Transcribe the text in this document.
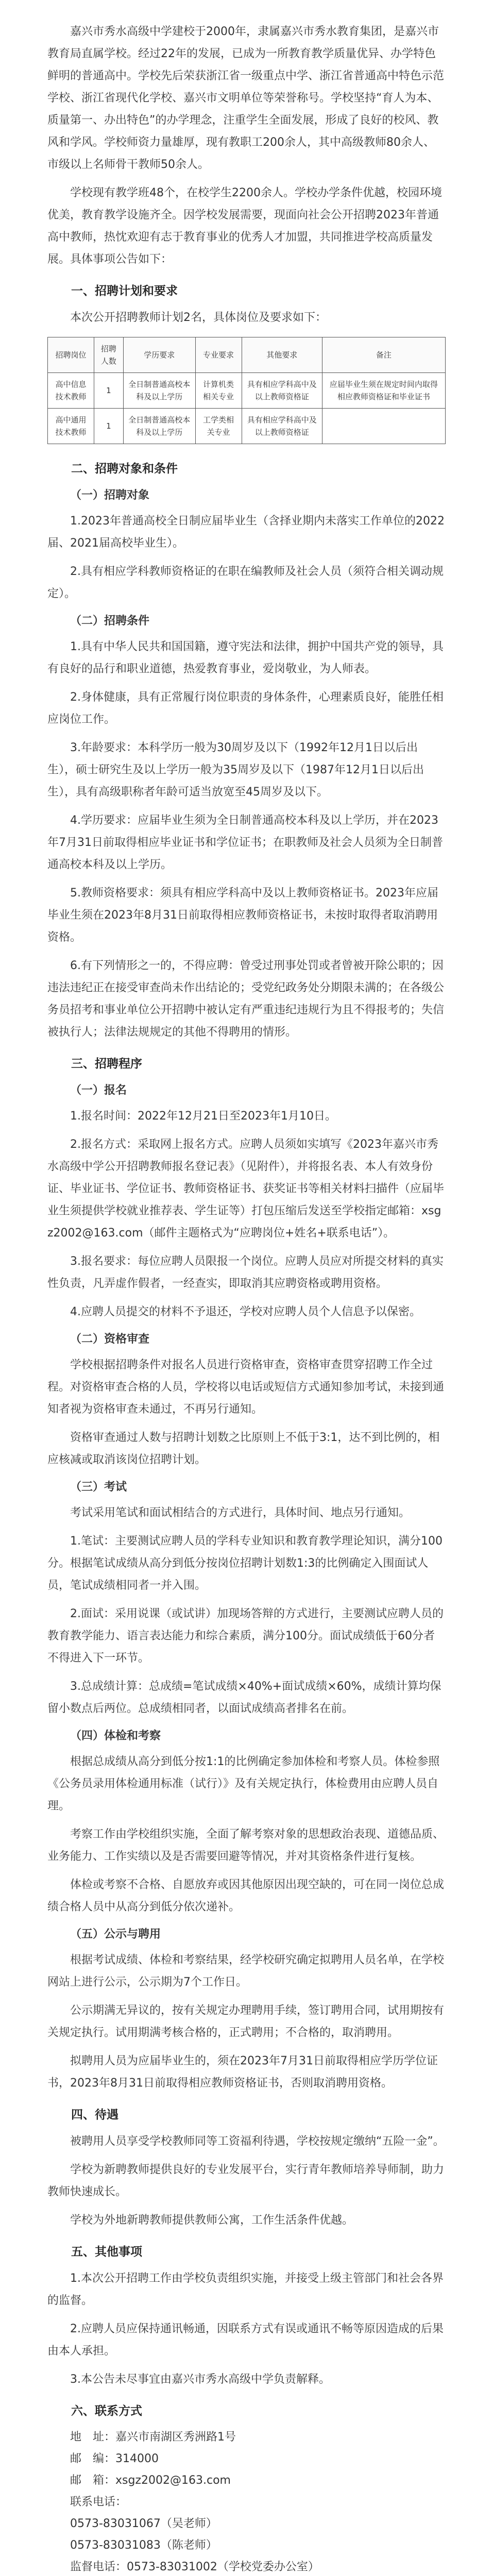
嘉兴市秀水高级中学建校于2000年，隶属嘉兴市秀水教育集团，是嘉兴市教育局直属学校。经过22年的发展，已成为一所教育教学质量优异、办学特色鲜明的普通高中。学校先后荣获浙江省一级重点中学、浙江省普通高中特色示范学校、浙江省现代化学校、嘉兴市文明单位等荣誉称号。学校坚持“育人为本、质量第一、办出特色”的办学理念，注重学生全面发展，形成了良好的校风、教风和学风。学校师资力量雄厚，现有教职工200余人，其中高级教师80余人、市级以上名师骨干教师50余人。

学校现有教学班48个，在校学生2200余人。学校办学条件优越，校园环境优美，教育教学设施齐全。因学校发展需要，现面向社会公开招聘2023年普通高中教师，热忱欢迎有志于教育事业的优秀人才加盟，共同推进学校高质量发展。具体事项公告如下：

一、招聘计划和要求

本次公开招聘教师计划2名，具体岗位及要求如下：

招聘岗位	招聘人数	学历要求	专业要求	其他要求	备注
高中信息技术教师	1	全日制普通高校本科及以上学历	计算机类相关专业	具有相应学科高中及以上教师资格证	应届毕业生须在规定时间内取得相应教师资格证和毕业证书
高中通用技术教师	1	全日制普通高校本科及以上学历	工学类相关专业	具有相应学科高中及以上教师资格证	
二、招聘对象和条件
（一）招聘对象

1.2023年普通高校全日制应届毕业生（含择业期内未落实工作单位的2022届、2021届高校毕业生）。

2.具有相应学科教师资格证的在职在编教师及社会人员（须符合相关调动规定）。

（二）招聘条件

1.具有中华人民共和国国籍，遵守宪法和法律，拥护中国共产党的领导，具有良好的品行和职业道德，热爱教育事业，爱岗敬业，为人师表。

2.身体健康，具有正常履行岗位职责的身体条件，心理素质良好，能胜任相应岗位工作。

3.年龄要求：本科学历一般为30周岁及以下（1992年12月1日以后出生），硕士研究生及以上学历一般为35周岁及以下（1987年12月1日以后出生），具有高级职称者年龄可适当放宽至45周岁及以下。

4.学历要求：应届毕业生须为全日制普通高校本科及以上学历，并在2023年7月31日前取得相应毕业证书和学位证书；在职教师及社会人员须为全日制普通高校本科及以上学历。

5.教师资格要求：须具有相应学科高中及以上教师资格证书。2023年应届毕业生须在2023年8月31日前取得相应教师资格证书，未按时取得者取消聘用资格。

6.有下列情形之一的，不得应聘：曾受过刑事处罚或者曾被开除公职的；因违法违纪正在接受审查尚未作出结论的；受党纪政务处分期限未满的；在各级公务员招考和事业单位公开招聘中被认定有严重违纪违规行为且不得报考的；失信被执行人；法律法规规定的其他不得聘用的情形。

三、招聘程序
（一）报名

1.报名时间：2022年12月21日至2023年1月10日。

2.报名方式：采取网上报名方式。应聘人员须如实填写《2023年嘉兴市秀水高级中学公开招聘教师报名登记表》（见附件），并将报名表、本人有效身份证、毕业证书、学位证书、教师资格证书、获奖证书等相关材料扫描件（应届毕业生须提供学校就业推荐表、学生证等）打包压缩后发送至学校指定邮箱：xsgz2002@163.com（邮件主题格式为“应聘岗位+姓名+联系电话”）。

3.报名要求：每位应聘人员限报一个岗位。应聘人员应对所提交材料的真实性负责，凡弄虚作假者，一经查实，即取消其应聘资格或聘用资格。

4.应聘人员提交的材料不予退还，学校对应聘人员个人信息予以保密。

（二）资格审查

学校根据招聘条件对报名人员进行资格审查，资格审查贯穿招聘工作全过程。对资格审查合格的人员，学校将以电话或短信方式通知参加考试，未接到通知者视为资格审查未通过，不再另行通知。

资格审查通过人数与招聘计划数之比原则上不低于3:1，达不到比例的，相应核减或取消该岗位招聘计划。

（三）考试

考试采用笔试和面试相结合的方式进行，具体时间、地点另行通知。

1.笔试：主要测试应聘人员的学科专业知识和教育教学理论知识，满分100分。根据笔试成绩从高分到低分按岗位招聘计划数1:3的比例确定入围面试人员，笔试成绩相同者一并入围。

2.面试：采用说课（或试讲）加现场答辩的方式进行，主要测试应聘人员的教育教学能力、语言表达能力和综合素质，满分100分。面试成绩低于60分者不得进入下一环节。

3.总成绩计算：总成绩=笔试成绩×40%+面试成绩×60%，成绩计算均保留小数点后两位。总成绩相同者，以面试成绩高者排名在前。

（四）体检和考察

根据总成绩从高分到低分按1:1的比例确定参加体检和考察人员。体检参照《公务员录用体检通用标准（试行）》及有关规定执行，体检费用由应聘人员自理。

考察工作由学校组织实施，全面了解考察对象的思想政治表现、道德品质、业务能力、工作实绩以及是否需要回避等情况，并对其资格条件进行复核。

体检或考察不合格、自愿放弃或因其他原因出现空缺的，可在同一岗位总成绩合格人员中从高分到低分依次递补。

（五）公示与聘用

根据考试成绩、体检和考察结果，经学校研究确定拟聘用人员名单，在学校网站上进行公示，公示期为7个工作日。

公示期满无异议的，按有关规定办理聘用手续，签订聘用合同，试用期按有关规定执行。试用期满考核合格的，正式聘用；不合格的，取消聘用。

拟聘用人员为应届毕业生的，须在2023年7月31日前取得相应学历学位证书，2023年8月31日前取得相应教师资格证书，否则取消聘用资格。

四、待遇

被聘用人员享受学校教师同等工资福利待遇，学校按规定缴纳“五险一金”。

学校为新聘教师提供良好的专业发展平台，实行青年教师培养导师制，助力教师快速成长。

学校为外地新聘教师提供教师公寓，工作生活条件优越。

五、其他事项

1.本次公开招聘工作由学校负责组织实施，并接受上级主管部门和社会各界的监督。

2.应聘人员应保持通讯畅通，因联系方式有误或通讯不畅等原因造成的后果由本人承担。

3.本公告未尽事宜由嘉兴市秀水高级中学负责解释。

六、联系方式
地　址：嘉兴市南湖区秀洲路1号
邮　编：314000
邮　箱：xsgz2002@163.com
联系电话：
0573-83031067（吴老师）
0573-83031083（陈老师）
监督电话：0573-83031002（学校党委办公室）
